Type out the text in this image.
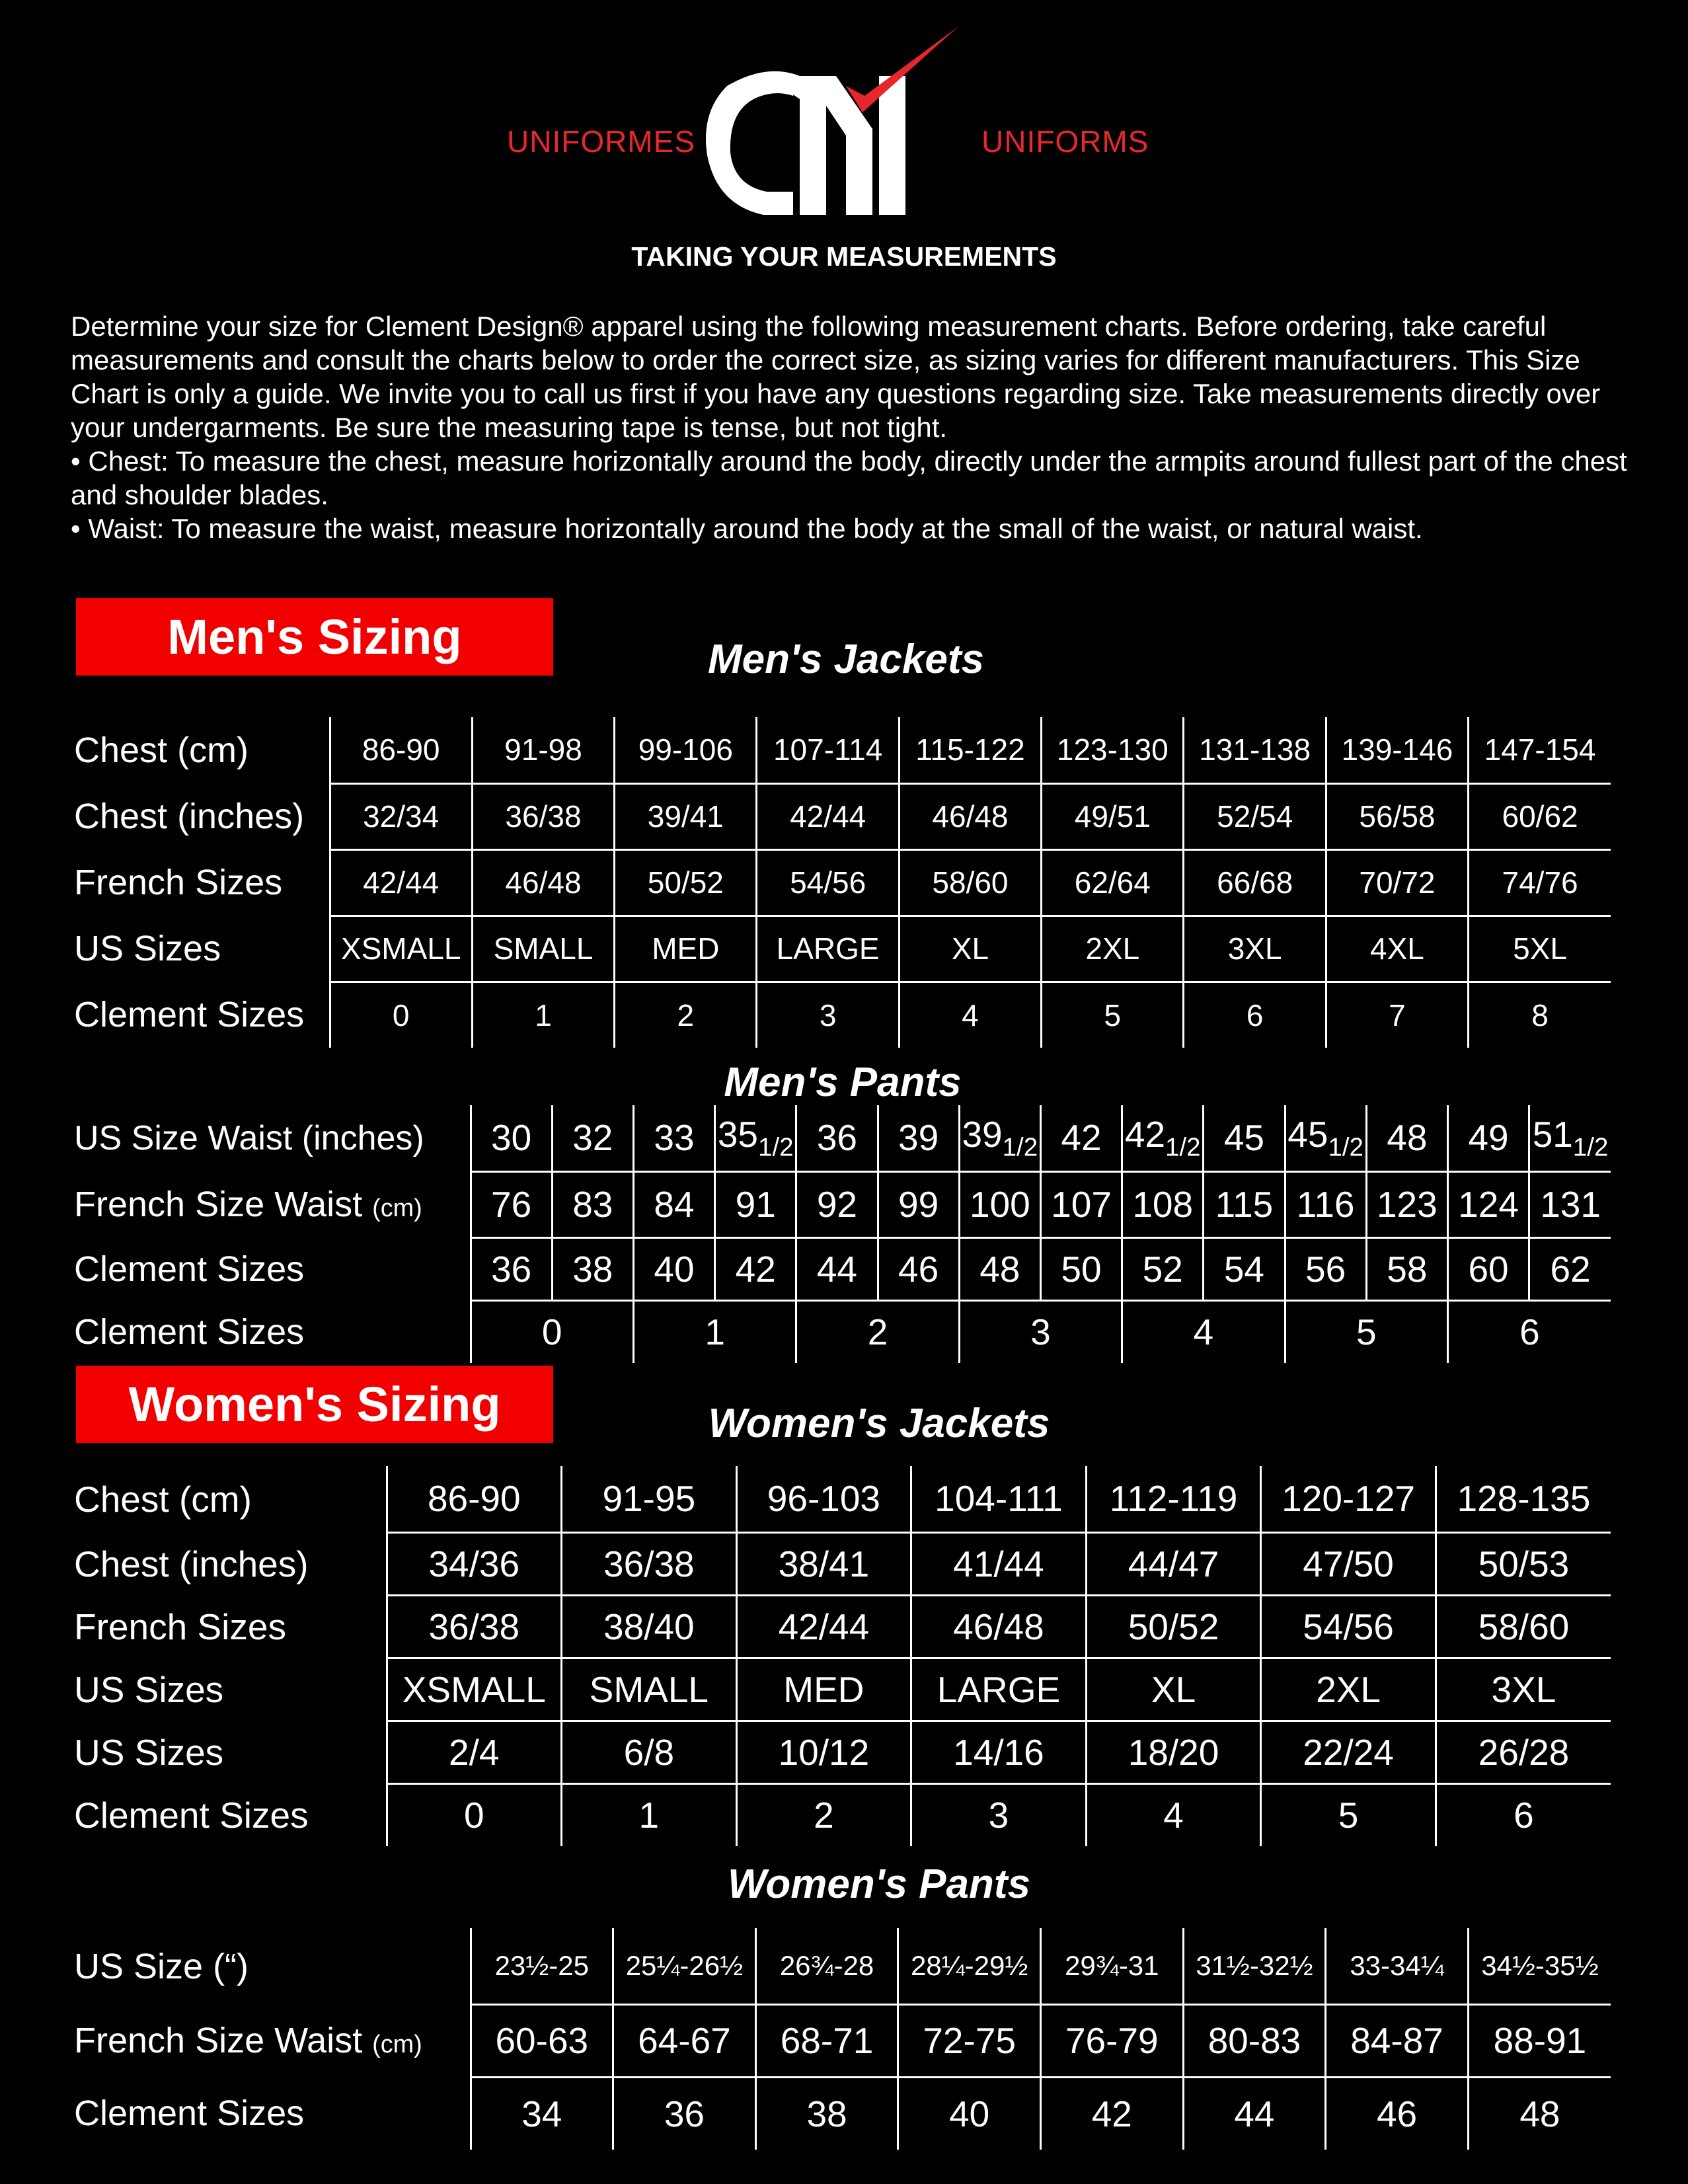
UNIFORMES	UNIFORMS
TAKING YOUR MEASUREMENTS

Determine your size for Clement Design® apparel using the following measurement charts. Before ordering, take careful measurements and consult the charts below to order the correct size, as sizing varies for different manufacturers. This Size Chart is only a guide. We invite you to call us first if you have any questions regarding size. Take measurements directly over your undergarments. Be sure the measuring tape is tense, but not tight.

• Chest: To measure the chest, measure horizontally around the body, directly under the armpits around fullest part of the chest and shoulder blades.

• Waist: To measure the waist, measure horizontally around the body at the small of the waist, or natural waist.

Men's Sizing	Men's Jackets
Chest (cm)	86-90	91-98	99-106	107-114	115-122	123-130	131-138	139-146	147-154
Chest (inches)	32/34	36/38	39/41	42/44	46/48	49/51	52/54	56/58	60/62
French Sizes	42/44	46/48	50/52	54/56	58/60	62/64	66/68	70/72	74/76
US Sizes	XSMALL	SMALL	MED	LARGE	XL	2XL	3XL	4XL	5XL
Clement Sizes	0	1	2	3	4	5	6	7	8
Men's Pants
US Size Waist (inches)	30	32	33	$35_{1/2}$	36	39	$39_{1/2}$	42	$42_{1/2}$	45	$45_{1/2}$	48	49	$51_{1/2}$
French Size Waist (cm)	76	83	84	91	92	99	100	107	108	115	116	123	124	131
Clement Sizes	36	38	40	42	44	46	48	50	52	54	56	58	60	62
Clement Sizes	0		1		2		3		4		5		6	
Women's Sizing	Women's Jackets
Chest (cm)	86-90	91-95	96-103	104-111	112-119	120-127	128-135
Chest (inches)	34/36	36/38	38/41	41/44	44/47	47/50	50/53
French Sizes	36/38	38/40	42/44	46/48	50/52	54/56	58/60
US Sizes	XSMALL	SMALL	MED	LARGE	XL	2XL	3XL
US Sizes	2/4	6/8	10/12	14/16	18/20	22/24	26/28
Clement Sizes	0	1	2	3	4	5	6
Women's Pants
US Size (“)	23½-25	25¼-26½	26¾-28	28¼-29½	29¾-31	31½-32½	33-34¼	34½-35½
French Size Waist (cm)	60-63	64-67	68-71	72-75	76-79	80-83	84-87	88-91
Clement Sizes	34	36	38	40	42	44	46	48
